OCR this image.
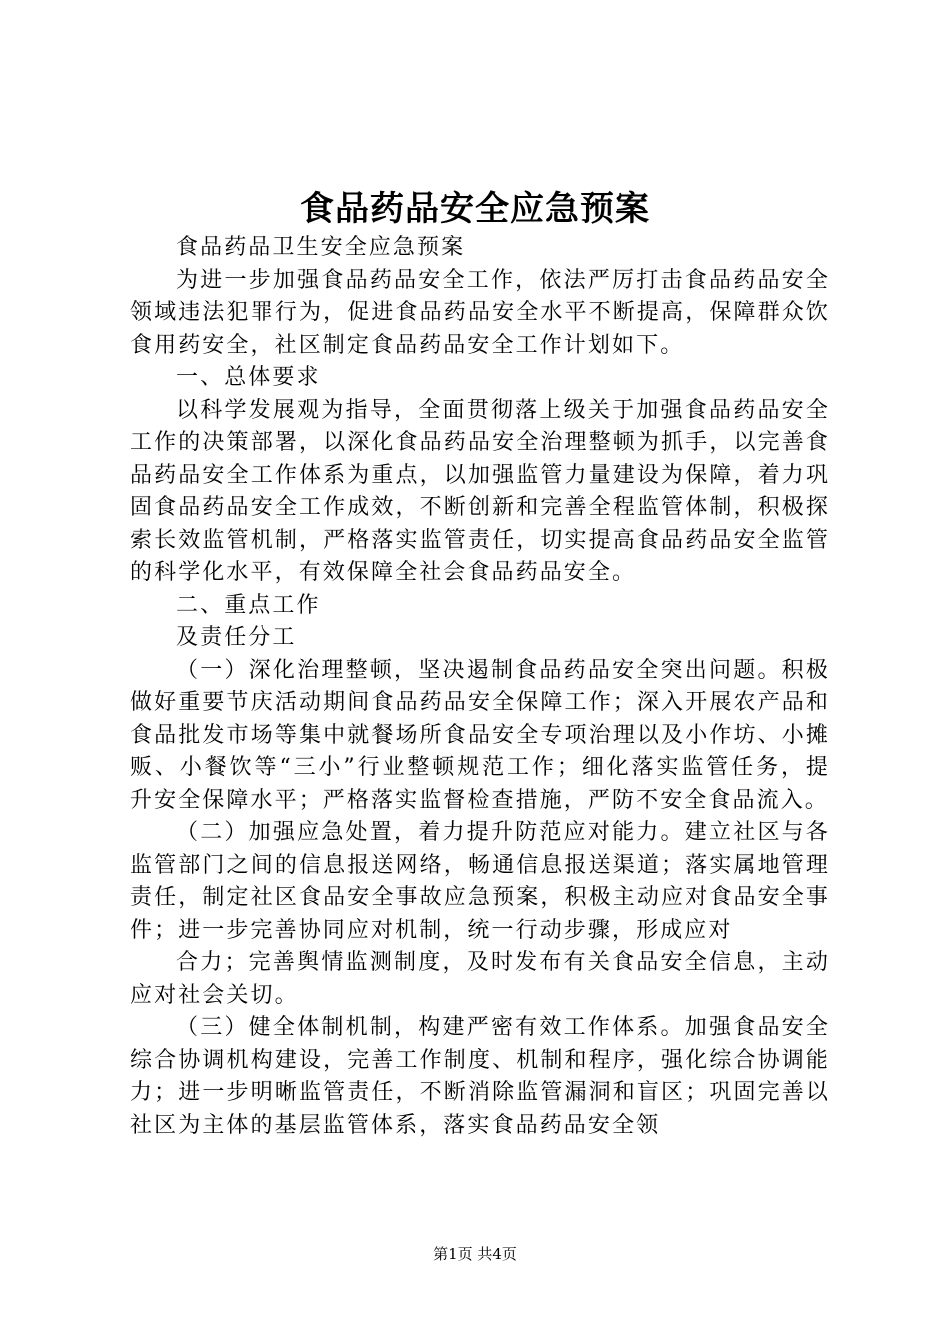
食品药品安全应急预案

食品药品卫生安全应急预案

为进一步加强食品药品安全工作，依法严厉打击食品药品安全领域违法犯罪行为，促进食品药品安全水平不断提高，保障群众饮食用药安全，社区制定食品药品安全工作计划如下。

一、总体要求

以科学发展观为指导，全面贯彻落上级关于加强食品药品安全工作的决策部署，以深化食品药品安全治理整顿为抓手，以完善食品药品安全工作体系为重点，以加强监管力量建设为保障，着力巩固食品药品安全工作成效，不断创新和完善全程监管体制，积极探索长效监管机制，严格落实监管责任，切实提高食品药品安全监管的科学化水平，有效保障全社会食品药品安全。

二、重点工作

及责任分工

（一）深化治理整顿，坚决遏制食品药品安全突出问题。积极做好重要节庆活动期间食品药品安全保障工作；深入开展农产品和食品批发市场等集中就餐场所食品安全专项治理以及小作坊、小摊贩、小餐饮等“三小”行业整顿规范工作；细化落实监管任务，提升安全保障水平；严格落实监督检查措施，严防不安全食品流入。

（二）加强应急处置，着力提升防范应对能力。建立社区与各监管部门之间的信息报送网络，畅通信息报送渠道；落实属地管理责任，制定社区食品安全事故应急预案，积极主动应对食品安全事件；进一步完善协同应对机制，统一行动步骤，形成应对

合力；完善舆情监测制度，及时发布有关食品安全信息，主动应对社会关切。

（三）健全体制机制，构建严密有效工作体系。加强食品安全综合协调机构建设，完善工作制度、机制和程序，强化综合协调能力；进一步明晰监管责任，不断消除监管漏洞和盲区；巩固完善以社区为主体的基层监管体系，落实食品药品安全领

第1页 共4页
